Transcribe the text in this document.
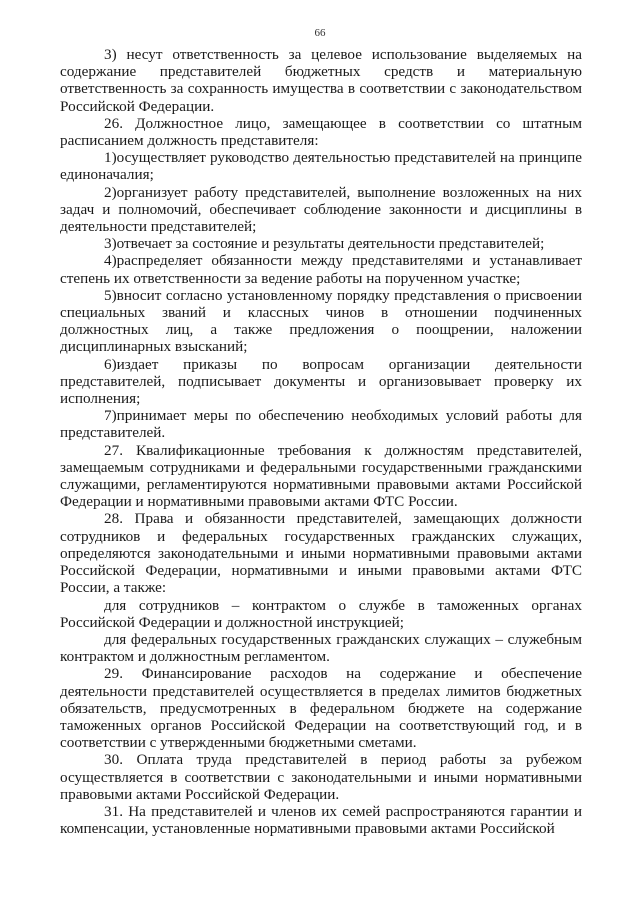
66

3) несут ответственность за целевое использование выделяемых на содержание представителей бюджетных средств и материальную ответственность за сохранность имущества в соответствии с законодательством Российской Федерации.

26. Должностное лицо, замещающее в соответствии со штатным расписанием должность представителя:

1)осуществляет руководство деятельностью представителей на принципе единоначалия;

2)организует работу представителей, выполнение возложенных на них задач и полномочий, обеспечивает соблюдение законности и дисциплины в деятельности представителей;

3)отвечает за состояние и результаты деятельности представителей;

4)распределяет обязанности между представителями и устанавливает степень их ответственности за ведение работы на порученном участке;

5)вносит согласно установленному порядку представления о присвоении специальных званий и классных чинов в отношении подчиненных должностных лиц, а также предложения о поощрении, наложении дисциплинарных взысканий;

6)издает приказы по вопросам организации деятельности представителей, подписывает документы и организовывает проверку их исполнения;

7)принимает меры по обеспечению необходимых условий работы для представителей.

27. Квалификационные требования к должностям представителей, замещаемым сотрудниками и федеральными государственными гражданскими служащими, регламентируются нормативными правовыми актами Российской Федерации и нормативными правовыми актами ФТС России.

28. Права и обязанности представителей, замещающих должности сотрудников и федеральных государственных гражданских служащих, определяются законодательными и иными нормативными правовыми актами Российской Федерации, нормативными и иными правовыми актами ФТС России, а также:

для сотрудников – контрактом о службе в таможенных органах Российской Федерации и должностной инструкцией;

для федеральных государственных гражданских служащих – служебным контрактом и должностным регламентом.

29. Финансирование расходов на содержание и обеспечение деятельности представителей осуществляется в пределах лимитов бюджетных обязательств, предусмотренных в федеральном бюджете на содержание таможенных органов Российской Федерации на соответствующий год, и в соответствии с утвержденными бюджетными сметами.

30. Оплата труда представителей в период работы за рубежом осуществляется в соответствии с законодательными и иными нормативными правовыми актами Российской Федерации.

31. На представителей и членов их семей распространяются гарантии и компенсации, установленные нормативными правовыми актами Российской
